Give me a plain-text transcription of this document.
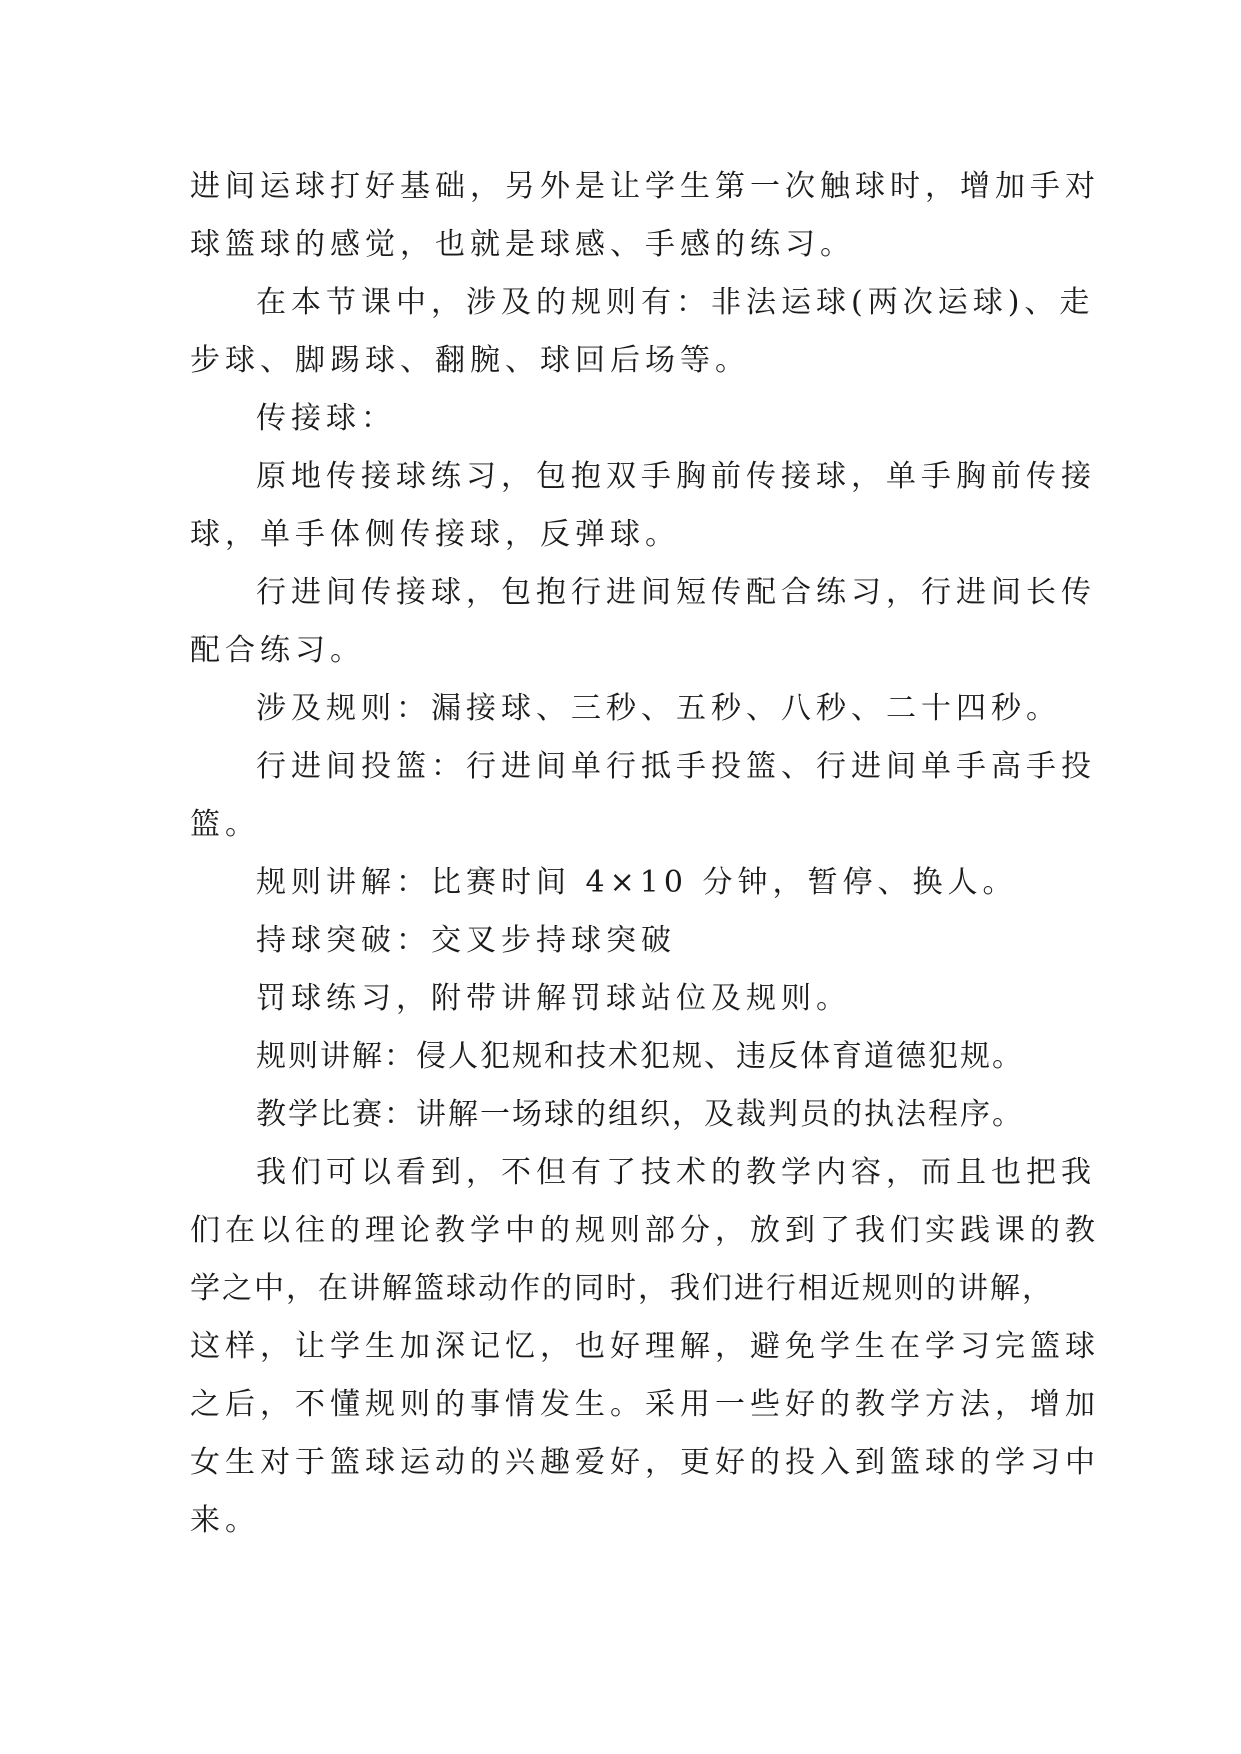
进间运球打好基础，另外是让学生第一次触球时，增加手对

球篮球的感觉，也就是球感、手感的练习。

在本节课中，涉及的规则有：非法运球(两次运球)、走

步球、脚踢球、翻腕、球回后场等。

传接球：

原地传接球练习，包抱双手胸前传接球，单手胸前传接

球，单手体侧传接球，反弹球。

行进间传接球，包抱行进间短传配合练习，行进间长传

配合练习。

涉及规则：漏接球、三秒、五秒、八秒、二十四秒。

行进间投篮：行进间单行抵手投篮、行进间单手高手投

篮。

规则讲解：比赛时间 4×10 分钟，暂停、换人。

持球突破：交叉步持球突破

罚球练习，附带讲解罚球站位及规则。

规则讲解：侵人犯规和技术犯规、违反体育道德犯规。

教学比赛：讲解一场球的组织，及裁判员的执法程序。

我们可以看到，不但有了技术的教学内容，而且也把我

们在以往的理论教学中的规则部分，放到了我们实践课的教

学之中，在讲解篮球动作的同时，我们进行相近规则的讲解，

这样，让学生加深记忆，也好理解，避免学生在学习完篮球

之后，不懂规则的事情发生。采用一些好的教学方法，增加

女生对于篮球运动的兴趣爱好，更好的投入到篮球的学习中

来。
